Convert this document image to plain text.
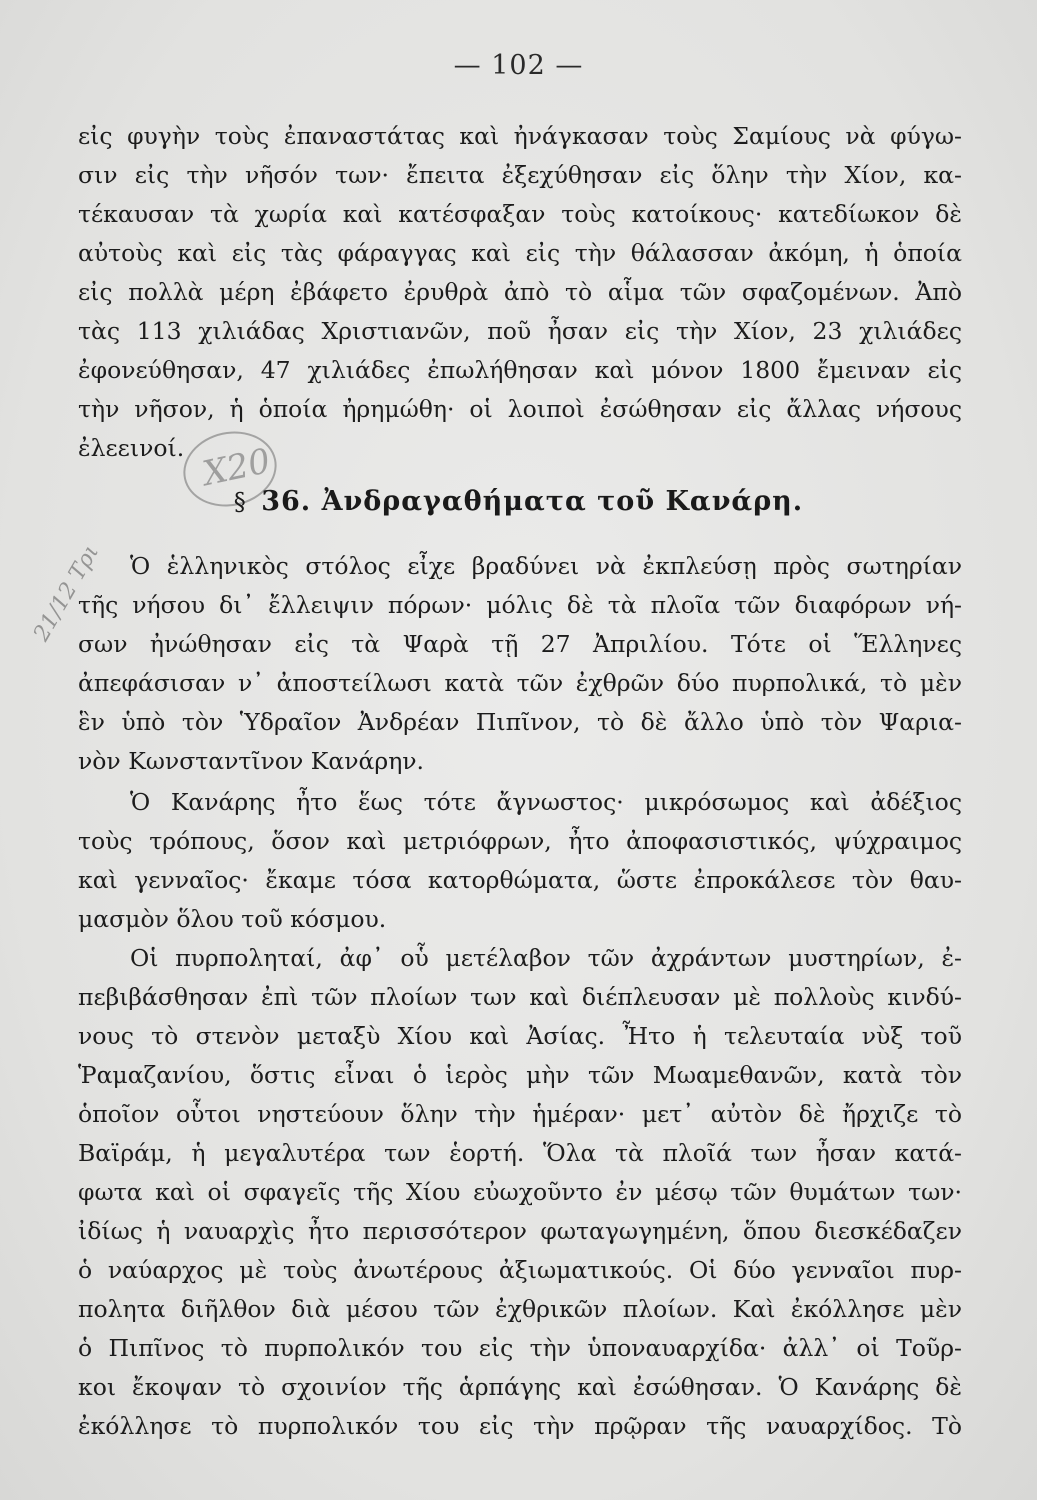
— 102 —
εἰς φυγὴν τοὺς ἐπαναστάτας καὶ ἠνάγκασαν τοὺς Σαμίους νὰ φύγω-
σιν εἰς τὴν νῆσόν των· ἔπειτα ἐξεχύθησαν εἰς ὅλην τὴν Χίον, κα-
τέκαυσαν τὰ χωρία καὶ κατέσφαξαν τοὺς κατοίκους· κατεδίωκον δὲ
αὐτοὺς καὶ εἰς τὰς φάραγγας καὶ εἰς τὴν θάλασσαν ἀκόμη, ἡ ὁποία
εἰς πολλὰ μέρη ἐβάφετο ἐρυθρὰ ἀπὸ τὸ αἷμα τῶν σφαζομένων. Ἀπὸ
τὰς 113 χιλιάδας Χριστιανῶν, ποῦ ἦσαν εἰς τὴν Χίον, 23 χιλιάδες
ἐφονεύθησαν, 47 χιλιάδες ἐπωλήθησαν καὶ μόνον 1800 ἔμειναν εἰς
τὴν νῆσον, ἡ ὁποία ἠρημώθη· οἱ λοιποὶ ἐσώθησαν εἰς ἄλλας νήσους
ἐλεεινοί. Χ20
§ 36. Ἀνδραγαθήματα τοῦ Κανάρη.
21/12 Τρικ 924
Ὁ ἑλληνικὸς στόλος εἶχε βραδύνει νὰ ἐκπλεύσῃ πρὸς σωτηρίαν
τῆς νήσου δι᾽ ἔλλειψιν πόρων· μόλις δὲ τὰ πλοῖα τῶν διαφόρων νή-
σων ἠνώθησαν εἰς τὰ Ψαρὰ τῇ 27 Ἀπριλίου. Τότε οἱ Ἕλληνες
ἀπεφάσισαν ν᾽ ἀποστείλωσι κατὰ τῶν ἐχθρῶν δύο πυρπολικά, τὸ μὲν
ἓν ὑπὸ τὸν Ὑδραῖον Ἀνδρέαν Πιπῖνον, τὸ δὲ ἄλλο ὑπὸ τὸν Ψαρια-
νὸν Κωνσταντῖνον Κανάρην.
Ὁ Κανάρης ἦτο ἕως τότε ἄγνωστος· μικρόσωμος καὶ ἀδέξιος
τοὺς τρόπους, ὅσον καὶ μετριόφρων, ἦτο ἀποφασιστικός, ψύχραιμος
καὶ γενναῖος· ἔκαμε τόσα κατορθώματα, ὥστε ἐπροκάλεσε τὸν θαυ-
μασμὸν ὅλου τοῦ κόσμου.
Οἱ πυρποληταί, ἀφ᾽ οὗ μετέλαβον τῶν ἀχράντων μυστηρίων, ἐ-
πεβιβάσθησαν ἐπὶ τῶν πλοίων των καὶ διέπλευσαν μὲ πολλοὺς κινδύ-
νους τὸ στενὸν μεταξὺ Χίου καὶ Ἀσίας. Ἦτο ἡ τελευταία νὺξ τοῦ
Ῥαμαζανίου, ὅστις εἶναι ὁ ἱερὸς μὴν τῶν Μωαμεθανῶν, κατὰ τὸν
ὁποῖον οὗτοι νηστεύουν ὅλην τὴν ἡμέραν· μετ᾽ αὐτὸν δὲ ἤρχιζε τὸ
Βαϊράμ, ἡ μεγαλυτέρα των ἑορτή. Ὅλα τὰ πλοῖά των ἦσαν κατά-
φωτα καὶ οἱ σφαγεῖς τῆς Χίου εὐωχοῦντο ἐν μέσῳ τῶν θυμάτων των·
ἰδίως ἡ ναυαρχὶς ἦτο περισσότερον φωταγωγημένη, ὅπου διεσκέδαζεν
ὁ ναύαρχος μὲ τοὺς ἀνωτέρους ἀξιωματικούς. Οἱ δύο γενναῖοι πυρ-
πολητα διῆλθον διὰ μέσου τῶν ἐχθρικῶν πλοίων. Καὶ ἐκόλλησε μὲν
ὁ Πιπῖνος τὸ πυρπολικόν του εἰς τὴν ὑποναυαρχίδα· ἀλλ᾽ οἱ Τοῦρ-
κοι ἔκοψαν τὸ σχοινίον τῆς ἁρπάγης καὶ ἐσώθησαν. Ὁ Κανάρης δὲ
ἐκόλλησε τὸ πυρπολικόν του εἰς τὴν πρῷραν τῆς ναυαρχίδος. Τὸ
